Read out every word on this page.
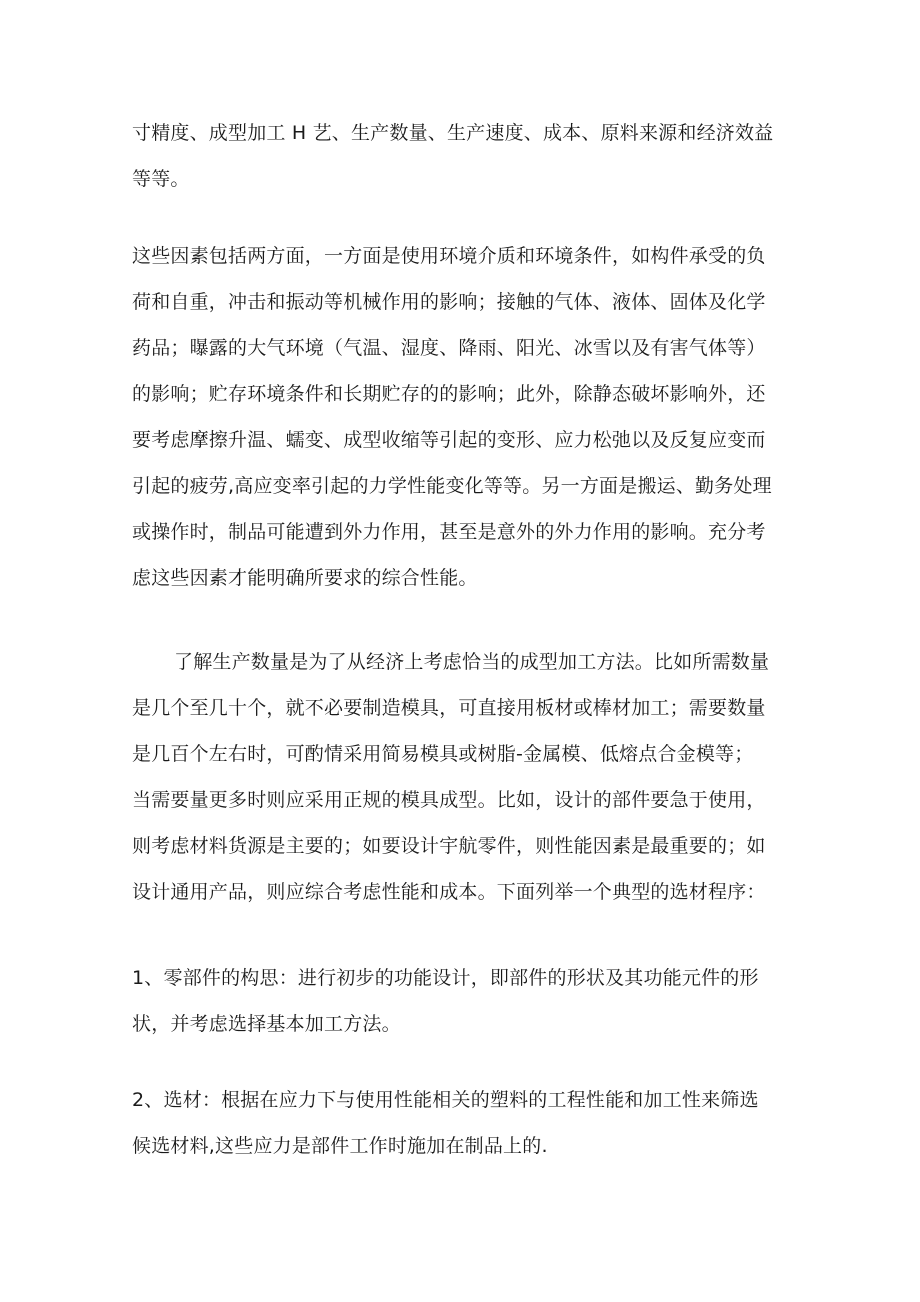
寸精度、成型加工 H 艺、生产数量、生产速度、成本、原料来源和经济效益
等等。

这些因素包括两方面，一方面是使用环境介质和环境条件，如构件承受的负
荷和自重，冲击和振动等机械作用的影响；接触的气体、液体、固体及化学
药品；曝露的大气环境（气温、湿度、降雨、阳光、冰雪以及有害气体等）
的影响；贮存环境条件和长期贮存的的影响；此外，除静态破坏影响外，还
要考虑摩擦升温、蠕变、成型收缩等引起的变形、应力松弛以及反复应变而
引起的疲劳,高应变率引起的力学性能变化等等。另一方面是搬运、勤务处理
或操作时，制品可能遭到外力作用，甚至是意外的外力作用的影响。充分考
虑这些因素才能明确所要求的综合性能。

了解生产数量是为了从经济上考虑恰当的成型加工方法。比如所需数量
是几个至几十个，就不必要制造模具，可直接用板材或棒材加工；需要数量
是几百个左右时，可酌情采用简易模具或树脂-金属模、低熔点合金模等；
当需要量更多时则应采用正规的模具成型。比如，设计的部件要急于使用，
则考虑材料货源是主要的；如要设计宇航零件，则性能因素是最重要的；如
设计通用产品，则应综合考虑性能和成本。下面列举一个典型的选材程序：

1、零部件的构思：进行初步的功能设计，即部件的形状及其功能元件的形
状，并考虑选择基本加工方法。

2、选材：根据在应力下与使用性能相关的塑料的工程性能和加工性来筛选
候选材料,这些应力是部件工作时施加在制品上的.
